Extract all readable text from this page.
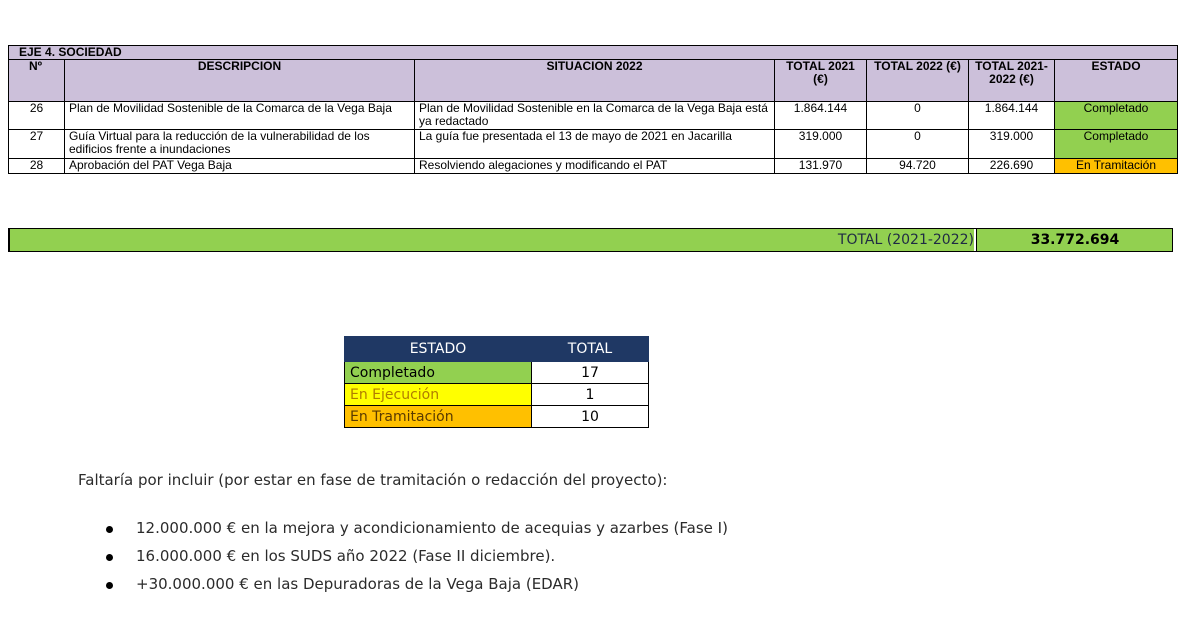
EJE 4. SOCIEDAD						
Nº	DESCRIPCION	SITUACION 2022	TOTAL 2021 (€)	TOTAL 2022 (€)	TOTAL 2021-2022 (€)	ESTADO
26	Plan de Movilidad Sostenible de la Comarca de la Vega Baja	Plan de Movilidad Sostenible en la Comarca de la Vega Baja está ya redactado	1.864.144	0	1.864.144	Completado
27	Guía Virtual para la reducción de la vulnerabilidad de los edificios frente a inundaciones	La guía fue presentada el 13 de mayo de 2021 en Jacarilla	319.000	0	319.000	Completado
28	Aprobación del PAT Vega Baja	Resolviendo alegaciones y modificando el PAT	131.970	94.720	226.690	En Tramitación
TOTAL (2021-2022)	33.772.694
ESTADO	TOTAL
Completado	17
En Ejecución	1
En Tramitación	10
Faltaría por incluir (por estar en fase de tramitación o redacción del proyecto):
12.000.000 € en la mejora y acondicionamiento de acequias y azarbes (Fase I)
16.000.000 € en los SUDS año 2022 (Fase II diciembre).
+30.000.000 € en las Depuradoras de la Vega Baja (EDAR)
